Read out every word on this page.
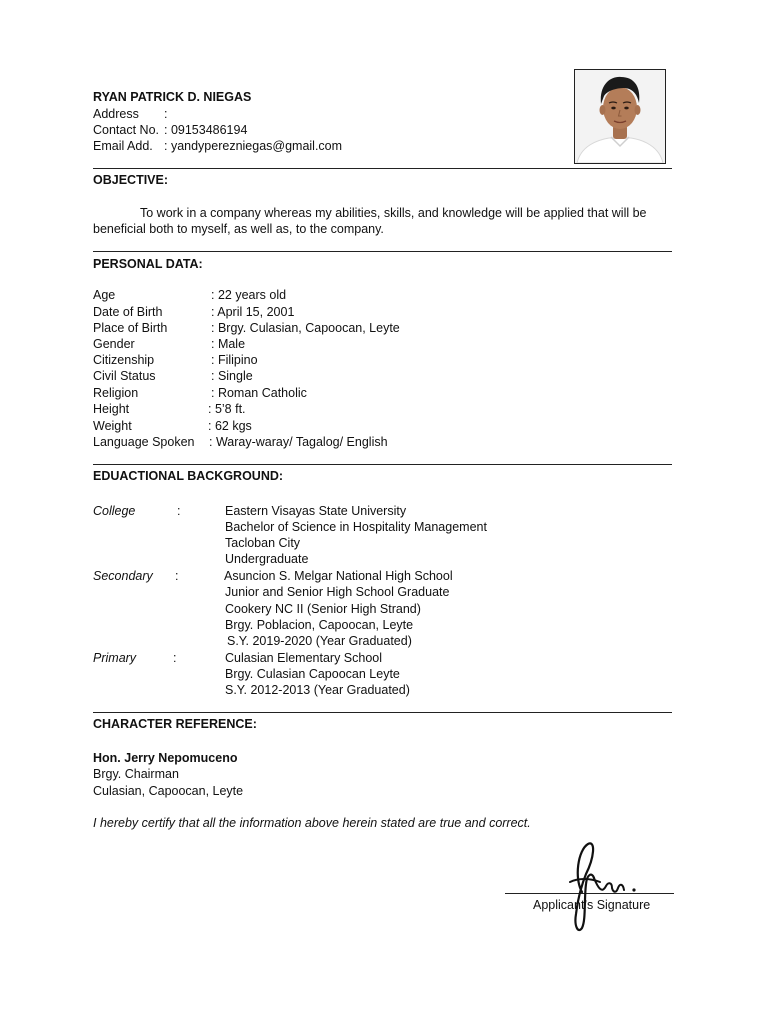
RYAN PATRICK D. NIEGAS
Address :
Contact No. : 09153486194
Email Add. : yandyperezniegas@gmail.com
OBJECTIVE:
To work in a company whereas my abilities, skills, and knowledge will be applied that will be
beneficial both to myself, as well as, to the company.
PERSONAL DATA:
Age	: 22 years old
Date of Birth	: April 15, 2001
Place of Birth	: Brgy. Culasian, Capoocan, Leyte
Gender	: Male
Citizenship	: Filipino
Civil Status	: Single
Religion	: Roman Catholic
Height	: 5’8 ft.
Weight	: 62 kgs
Language Spoken : Waray-waray/ Tagalog/ English
EDUACTIONAL BACKGROUND:
College	:	Eastern Visayas State University
Bachelor of Science in Hospitality Management
Tacloban City
Undergraduate
Secondary :	Asuncion S. Melgar National High School
Junior and Senior High School Graduate
Cookery NC II (Senior High Strand)
Brgy. Poblacion, Capoocan, Leyte
S.Y. 2019-2020 (Year Graduated)
Primary	:	Culasian Elementary School
Brgy. Culasian Capoocan Leyte
S.Y. 2012-2013 (Year Graduated)
CHARACTER REFERENCE:
Hon. Jerry Nepomuceno
Brgy. Chairman
Culasian, Capoocan, Leyte
I hereby certify that all the information above herein stated are true and correct.
Applicant’s Signature
